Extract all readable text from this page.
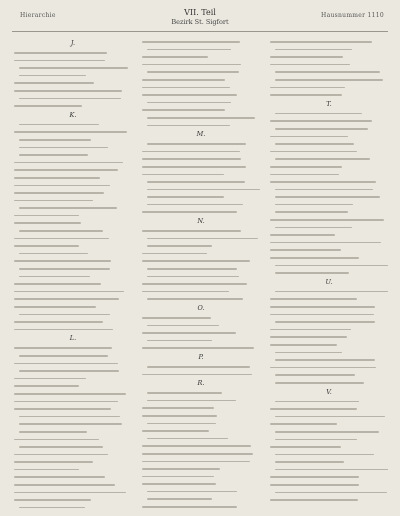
Hierarchie	VII. Teil
Bezirk St. Sigfort
Hausnummer 1110
J.
K.
L.
M.
N.
O.
P.
R.
T.
U.
V.
